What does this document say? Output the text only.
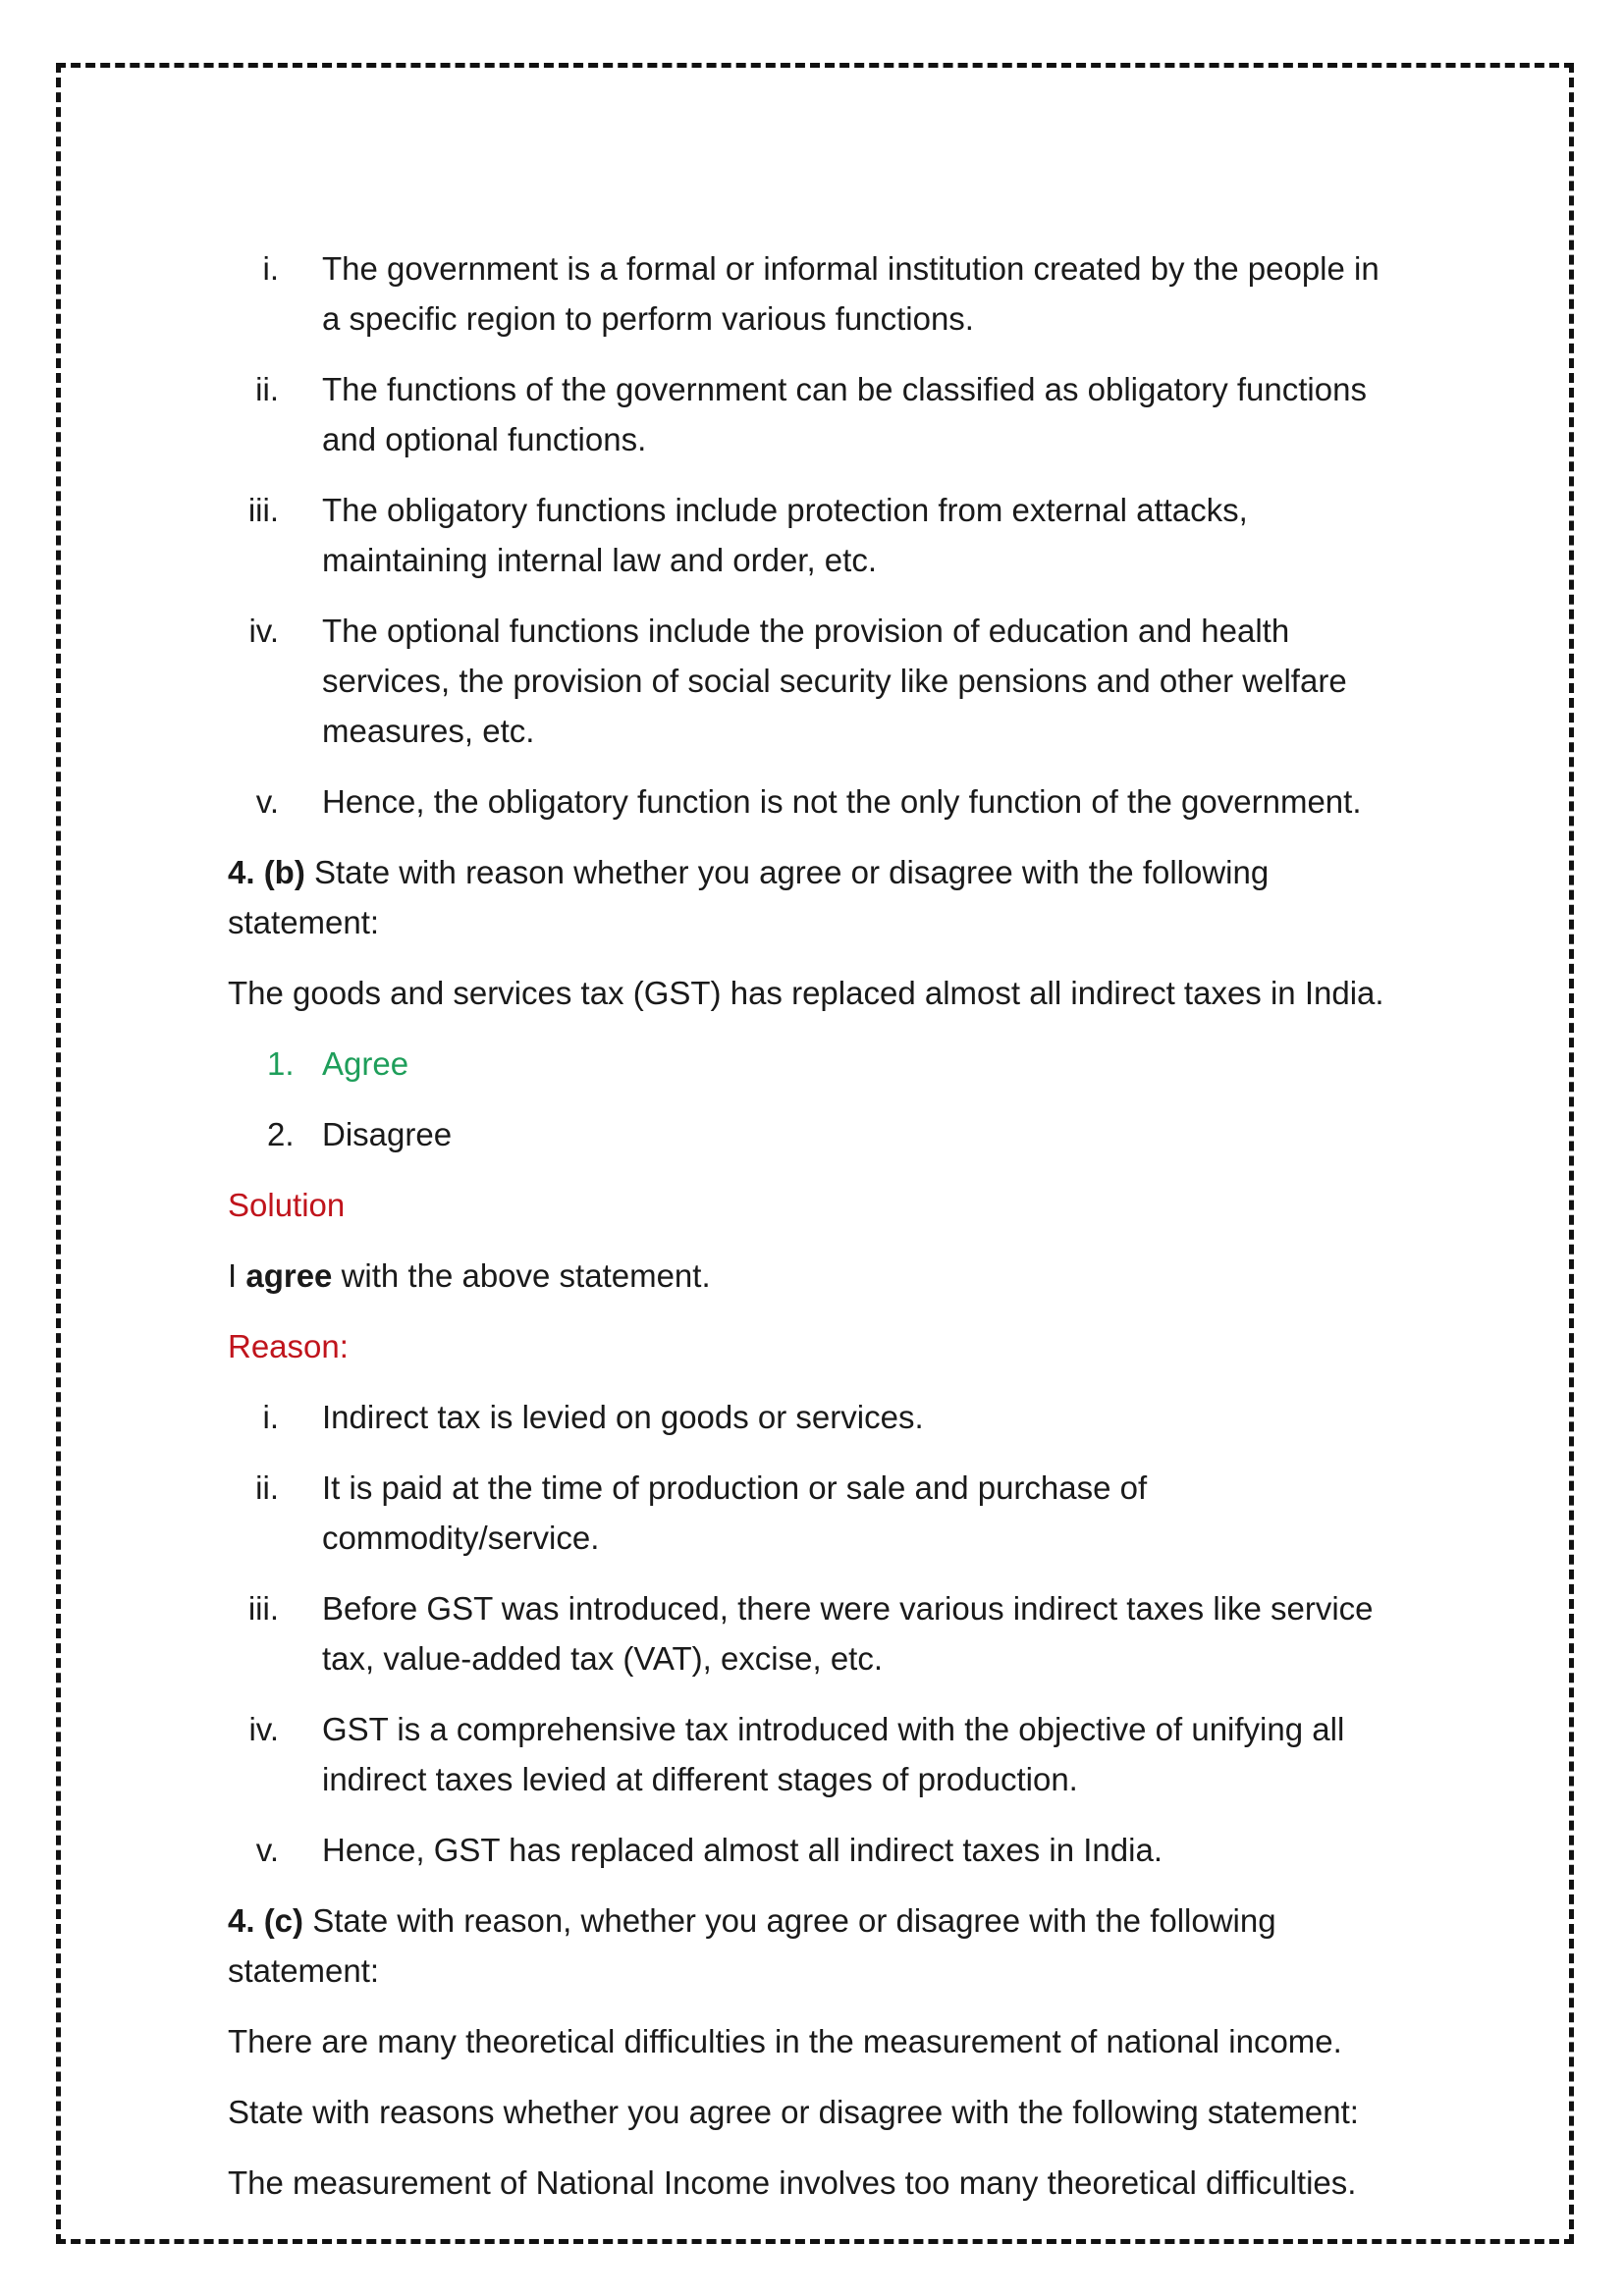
i. The government is a formal or informal institution created by the people in a specific region to perform various functions.
ii. The functions of the government can be classified as obligatory functions and optional functions.
iii. The obligatory functions include protection from external attacks, maintaining internal law and order, etc.
iv. The optional functions include the provision of education and health services, the provision of social security like pensions and other welfare measures, etc.
v. Hence, the obligatory function is not the only function of the government.

4. (b) State with reason whether you agree or disagree with the following statement:

The goods and services tax (GST) has replaced almost all indirect taxes in India.

1. Agree
2. Disagree

Solution

I agree with the above statement.

Reason:

i. Indirect tax is levied on goods or services.
ii. It is paid at the time of production or sale and purchase of commodity/service.
iii. Before GST was introduced, there were various indirect taxes like service tax, value-added tax (VAT), excise, etc.
iv. GST is a comprehensive tax introduced with the objective of unifying all indirect taxes levied at different stages of production.
v. Hence, GST has replaced almost all indirect taxes in India.

4. (c) State with reason, whether you agree or disagree with the following statement:

There are many theoretical difficulties in the measurement of national income.

State with reasons whether you agree or disagree with the following statement:

The measurement of National Income involves too many theoretical difficulties.
